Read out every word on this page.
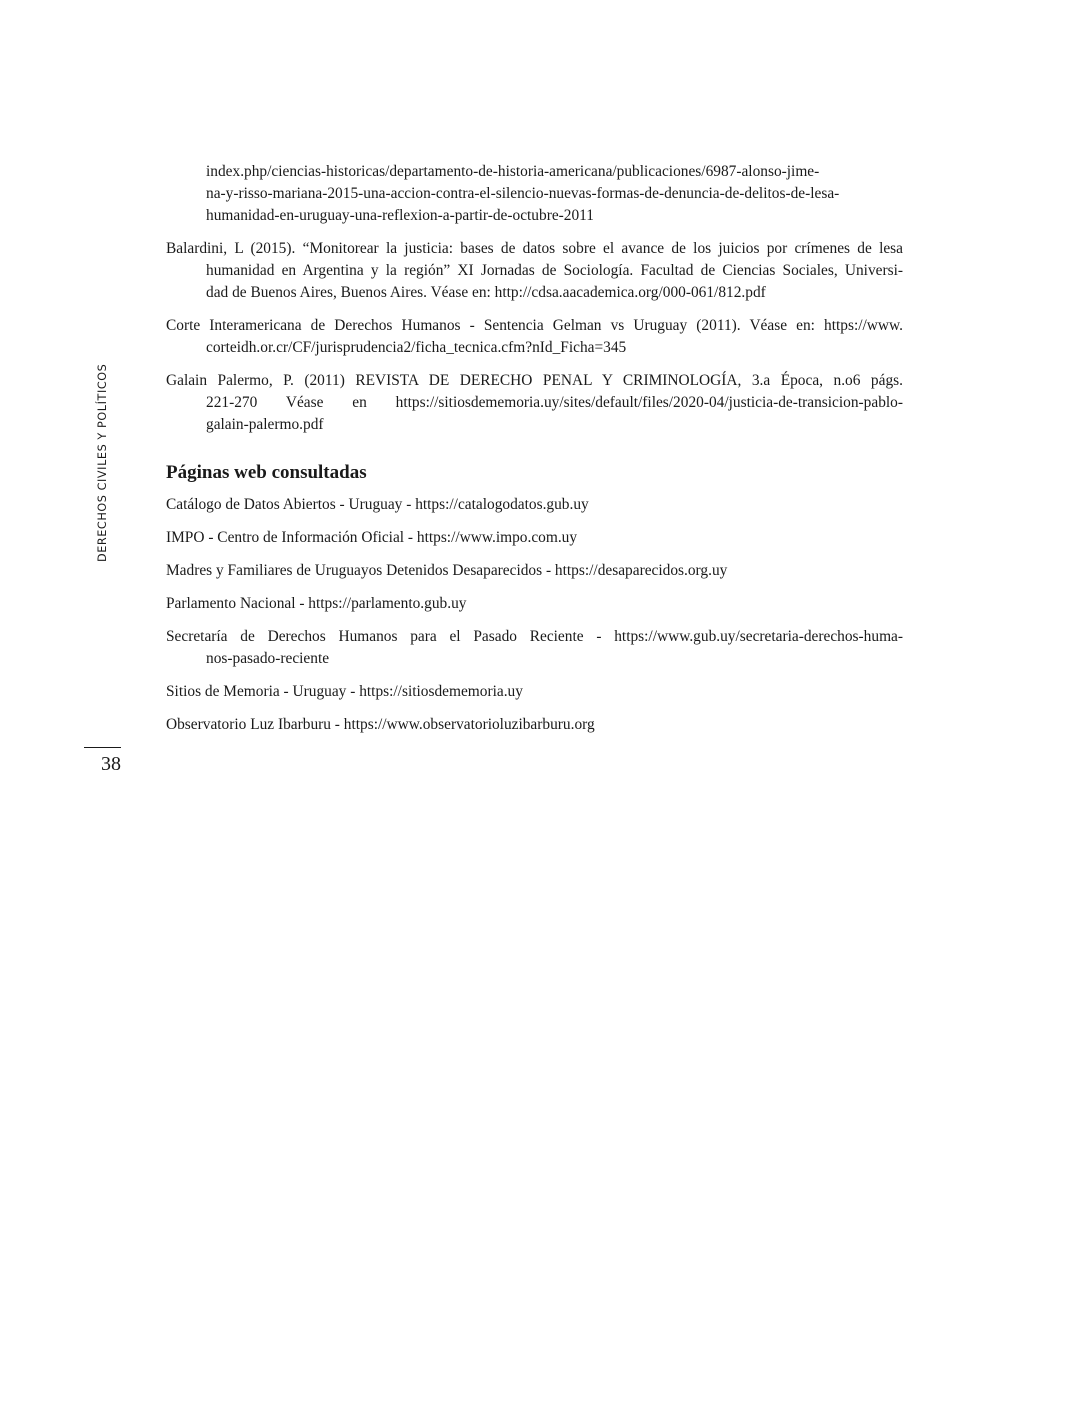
DERECHOS CIVILES Y POLÍTICOS
38
index.php/ciencias-historicas/departamento-de-historia-americana/publicaciones/6987-alonso-jime-
na-y-risso-mariana-2015-una-accion-contra-el-silencio-nuevas-formas-de-denuncia-de-delitos-de-lesa-
humanidad-en-uruguay-una-reflexion-a-partir-de-octubre-2011
Balardini, L (2015). “Monitorear la justicia: bases de datos sobre el avance de los juicios por crímenes de lesa
humanidad en Argentina y la región” XI Jornadas de Sociología. Facultad de Ciencias Sociales, Universi-
dad de Buenos Aires, Buenos Aires. Véase en: http://cdsa.aacademica.org/000-061/812.pdf
Corte Interamericana de Derechos Humanos - Sentencia Gelman vs Uruguay (2011). Véase en: https://www.
corteidh.or.cr/CF/jurisprudencia2/ficha_tecnica.cfm?nId_Ficha=345
Galain Palermo, P. (2011) REVISTA DE DERECHO PENAL Y CRIMINOLOGÍA, 3.a Época, n.o6 págs.
221-270 Véase en https://sitiosdememoria.uy/sites/default/files/2020-04/justicia-de-transicion-pablo-
galain-palermo.pdf
Páginas web consultadas
Catálogo de Datos Abiertos - Uruguay - https://catalogodatos.gub.uy
IMPO - Centro de Información Oficial - https://www.impo.com.uy
Madres y Familiares de Uruguayos Detenidos Desaparecidos - https://desaparecidos.org.uy
Parlamento Nacional - https://parlamento.gub.uy
Secretaría de Derechos Humanos para el Pasado Reciente - https://www.gub.uy/secretaria-derechos-huma-
nos-pasado-reciente
Sitios de Memoria - Uruguay - https://sitiosdememoria.uy
Observatorio Luz Ibarburu - https://www.observatorioluzibarburu.org
